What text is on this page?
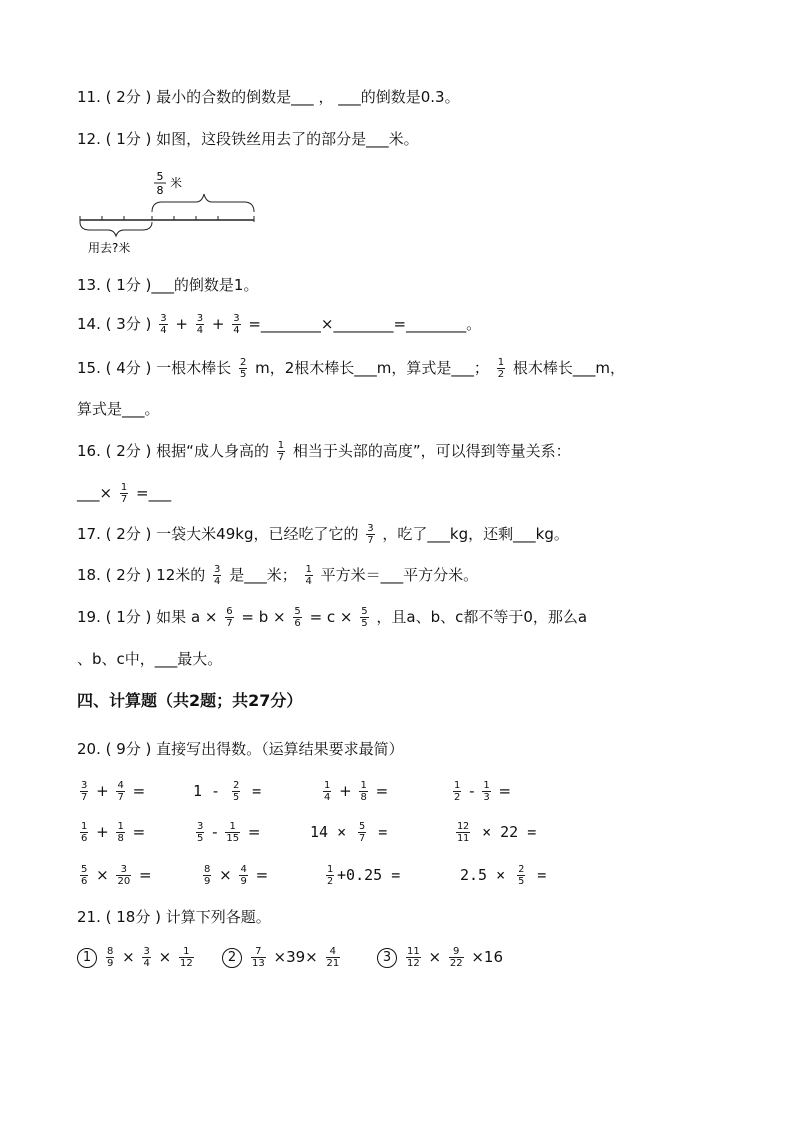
11. ( 2分 ) 最小的合数的倒数是___ ， ___的倒数是0.3。
12. ( 1分 ) 如图，这段铁丝用去了的部分是___米。
5
8
米
用去?米
13. ( 1分 )___的倒数是1。
14. ( 3分 ) $\frac{3}{4} + \frac{3}{4} + \frac{3}{4}$ =________×________=________。
15. ( 4分 ) 一根木棒长 $\frac{2}{5}$ m，2根木棒长___m，算式是___； $\frac{1}{2}$ 根木棒长___m，
算式是___。
16. ( 2分 ) 根据“成人身高的 $\frac{1}{7}$ 相当于头部的高度”，可以得到等量关系：
___× $\frac{1}{7}$ =___
17. ( 2分 ) 一袋大米49kg，已经吃了它的 $\frac{3}{7}$ ，吃了___kg，还剩___kg。
18. ( 2分 ) 12米的 $\frac{3}{4}$ 是___米； $\frac{1}{4}$ 平方米＝___平方分米。
19. ( 1分 ) 如果 $a \times \frac{6}{7} = b \times \frac{5}{6} = c \times \frac{5}{5}$ ，且a、b、c都不等于0，那么a
、b、c中，___最大。
四、计算题（共2题；共27分）
20. ( 9分 ) 直接写出得数。（运算结果要求最简）
$\frac{3}{7} + \frac{4}{7}$ =	$1 - \frac{2}{5}$ =	$\frac{1}{4} + \frac{1}{8}$ =	$\frac{1}{2} - \frac{1}{3}$ =
$\frac{1}{6} + \frac{1}{8}$ =	$\frac{3}{5} - \frac{1}{15}$ =	$14 \times \frac{5}{7}$ =	$\frac{12}{11} \times 22$ =
$\frac{5}{6} \times \frac{3}{20}$ =	$\frac{8}{9} \times \frac{4}{9}$ =	$\frac{1}{2} +0.25$ =	$2.5 \times \frac{2}{5}$ =
21. ( 18分 ) 计算下列各题。
$1 \frac{8}{9} \times \frac{3}{4} \times \frac{1}{12}$	$2 \frac{7}{13} \times 39\times \frac{4}{21}$	$3 \frac{11}{12} \times \frac{9}{22} \times 16$
